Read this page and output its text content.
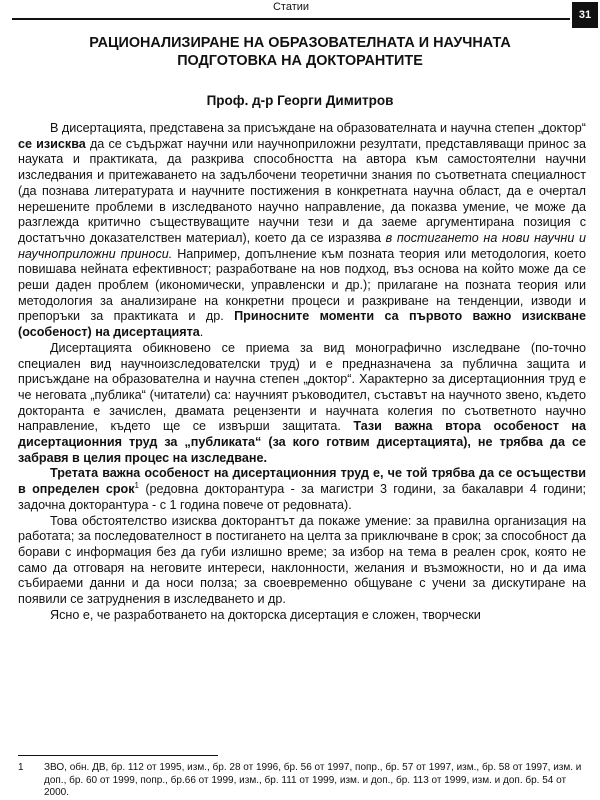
Статии
31
РАЦИОНАЛИЗИРАНЕ НА ОБРАЗОВАТЕЛНАТА И НАУЧНАТА
ПОДГОТОВКА НА ДОКТОРАНТИТЕ
Проф. д-р Георги Димитров

В дисертацията, представена за присъждане на образователната и научна степен „доктор“ се изисква да се съдържат научни или научноприложни резултати, представляващи принос за науката и практиката, да разкрива способността на автора към самостоятелни научни изследвания и притежаването на задълбочени теоретични знания по съответната специалност (да познава литературата и научните постижения в конкретната научна област, да е очертал нерешените проблеми в изследваното научно направление, да показва умение, че може да разглежда критично съществуващите научни тези и да заеме аргументирана позиция с достатъчно доказателствен материал), което да се изразява в постигането на нови научни и научноприложни приноси. Например, допълнение към позната теория или методология, което повишава нейната ефективност; разработване на нов подход, въз основа на който може да се реши даден проблем (икономически, управленски и др.); прилагане на позната теория или методология за анализиране на конкретни процеси и разкриване на тенденции, изводи и препоръки за практиката и др. Приносните моменти са първото важно изискване (особеност) на дисертацията.

Дисертацията обикновено се приема за вид монографично изследване (по-точно специален вид научноизследователски труд) и е предназначена за публична защита и присъждане на образователна и научна степен „доктор“. Характерно за дисертационния труд е че неговата „публика“ (читатели) са: научният ръководител, съставът на научното звено, където докторанта е зачислен, двамата рецензенти и научната колегия по съответното научно направление, където ще се извърши защитата. Тази важна втора особеност на дисертационния труд за „публиката“ (за кого готвим дисертацията), не трябва да се забравя в целия процес на изследване.

Третата важна особеност на дисертационния труд е, че той трябва да се осъществи в определен срок$^1$ (редовна докторантура - за магистри 3 години, за бакалаври 4 години; задочна докторантура - с 1 година повече от редовната).

Това обстоятелство изисква докторантът да покаже умение: за правилна организация на работата; за последователност в постигането на целта за приключване в срок; за способност да борави с информация без да губи излишно време; за избор на тема в реален срок, която не само да отговаря на неговите интереси, наклонности, желания и възможности, но и да има събираеми данни и да носи полза; за своевременно общуване с учени за дискутиране на появили се затруднения в изследването и др.

Ясно е, че разработването на докторска дисертация е сложен, творчески

1	ЗВО, обн. ДВ, бр. 112 от 1995, изм., бр. 28 от 1996, бр. 56 от 1997, попр., бр. 57 от 1997, изм., бр. 58 от 1997, изм. и доп., бр. 60 от 1999, попр., бр.66 от 1999, изм., бр. 111 от 1999, изм. и доп., бр. 113 от 1999, изм. и доп. бр. 54 от 2000.
